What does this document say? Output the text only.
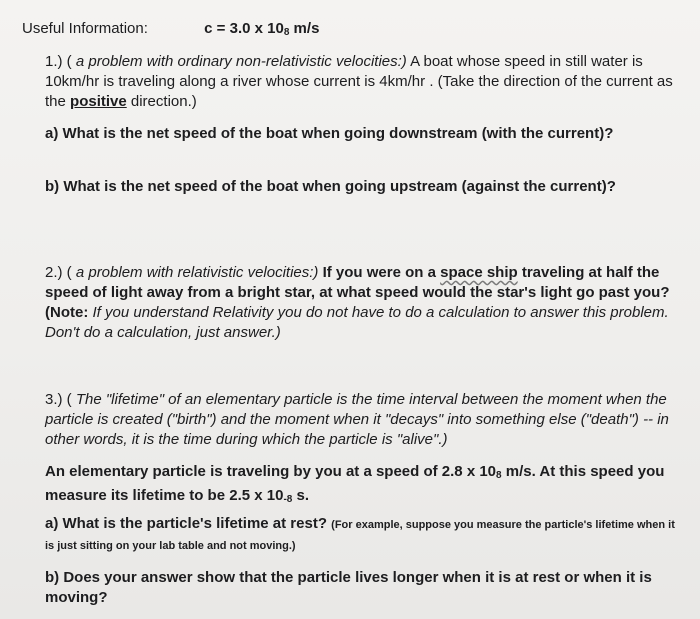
Useful Information:	c = 3.0 x $10_8$ m/s
1.) ( a problem with ordinary non-relativistic velocities:) A boat whose speed in still water is 10km/hr is traveling along a river whose current is 4km/hr . (Take the direction of the current as the positive direction.)
a) What is the net speed of the boat when going downstream (with the current)?
b) What is the net speed of the boat when going upstream (against the current)?
2.) ( a problem with relativistic velocities:) If you were on a space ship traveling at half the speed of light away from a bright star, at what speed would the star's light go past you? (Note: If you understand Relativity you do not have to do a calculation to answer this problem. Don't do a calculation, just answer.)
3.) ( The "lifetime" of an elementary particle is the time interval between the moment when the particle is created ("birth") and the moment when it "decays" into something else ("death") -- in other words, it is the time during which the particle is "alive".)
An elementary particle is traveling by you at a speed of 2.8 x $10_8$ m/s. At this speed you measure its lifetime to be 2.5 x $10_{-8}$ s.
a) What is the particle's lifetime at rest? (For example, suppose you measure the particle's lifetime when it is just sitting on your lab table and not moving.)
b) Does your answer show that the particle lives longer when it is at rest or when it is moving?
